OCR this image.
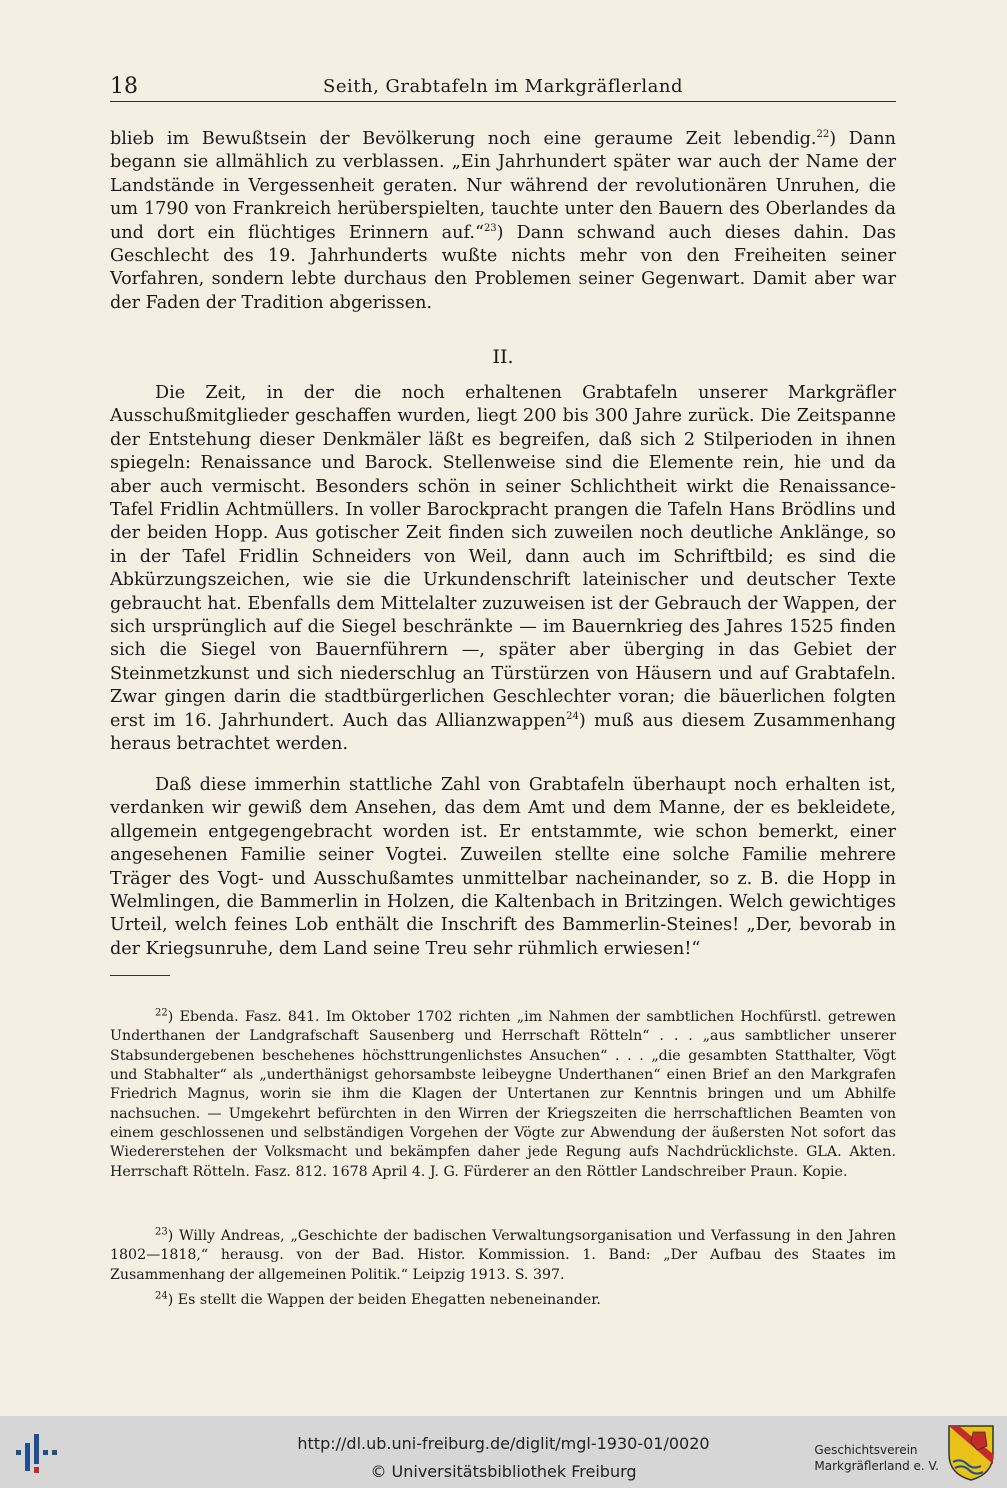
18	Seith, Grabtafeln im Markgräflerland

blieb im Bewußtsein der Bevölkerung noch eine geraume Zeit lebendig.$^{22}$) Dann begann sie allmählich zu verblassen. „Ein Jahrhundert später war auch der Name der Landstände in Vergessenheit geraten. Nur während der revolutionären Unruhen, die um 1790 von Frankreich herüberspielten, tauchte unter den Bauern des Oberlandes da und dort ein flüchtiges Erinnern auf.“$^{23}$) Dann schwand auch dieses dahin. Das Geschlecht des 19. Jahrhunderts wußte nichts mehr von den Freiheiten seiner Vorfahren, sondern lebte durchaus den Problemen seiner Gegenwart. Damit aber war der Faden der Tradition abgerissen.

II.

Die Zeit, in der die noch erhaltenen Grabtafeln unserer Markgräfler Ausschußmitglieder geschaffen wurden, liegt 200 bis 300 Jahre zurück. Die Zeitspanne der Entstehung dieser Denkmäler läßt es begreifen, daß sich 2 Stilperioden in ihnen spiegeln: Renaissance und Barock. Stellenweise sind die Elemente rein, hie und da aber auch vermischt. Besonders schön in seiner Schlichtheit wirkt die Renaissance-Tafel Fridlin Achtmüllers. In voller Barockpracht prangen die Tafeln Hans Brödlins und der beiden Hopp. Aus gotischer Zeit finden sich zuweilen noch deutliche Anklänge, so in der Tafel Fridlin Schneiders von Weil, dann auch im Schriftbild; es sind die Abkürzungszeichen, wie sie die Urkundenschrift lateinischer und deutscher Texte gebraucht hat. Ebenfalls dem Mittelalter zuzuweisen ist der Gebrauch der Wappen, der sich ursprünglich auf die Siegel beschränkte — im Bauernkrieg des Jahres 1525 finden sich die Siegel von Bauernführern —, später aber überging in das Gebiet der Steinmetzkunst und sich niederschlug an Türstürzen von Häusern und auf Grabtafeln. Zwar gingen darin die stadtbürgerlichen Geschlechter voran; die bäuerlichen folgten erst im 16. Jahrhundert. Auch das Allianzwappen$^{24}$) muß aus diesem Zusammenhang heraus betrachtet werden.

Daß diese immerhin stattliche Zahl von Grabtafeln überhaupt noch erhalten ist, verdanken wir gewiß dem Ansehen, das dem Amt und dem Manne, der es bekleidete, allgemein entgegengebracht worden ist. Er entstammte, wie schon bemerkt, einer angesehenen Familie seiner Vogtei. Zuweilen stellte eine solche Familie mehrere Träger des Vogt- und Ausschußamtes unmittelbar nacheinander, so z. B. die Hopp in Welmlingen, die Bammerlin in Holzen, die Kaltenbach in Britzingen. Welch gewichtiges Urteil, welch feines Lob enthält die Inschrift des Bammerlin-Steines! „Der, bevorab in der Kriegsunruhe, dem Land seine Treu sehr rühmlich erwiesen!“

$^{22}$) Ebenda. Fasz. 841. Im Oktober 1702 richten „im Nahmen der sambtlichen Hochfürstl. getrewen Underthanen der Landgrafschaft Sausenberg und Herrschaft Rötteln“ . . . „aus sambtlicher unserer Stabsundergebenen beschehenes höchsttrungenlichstes Ansuchen“ . . . „die gesambten Statthalter, Vögt und Stabhalter“ als „underthänigst gehorsambste leibeygne Underthanen“ einen Brief an den Markgrafen Friedrich Magnus, worin sie ihm die Klagen der Untertanen zur Kenntnis bringen und um Abhilfe nachsuchen. — Umgekehrt befürchten in den Wirren der Kriegszeiten die herrschaftlichen Beamten von einem geschlossenen und selbständigen Vorgehen der Vögte zur Abwendung der äußersten Not sofort das Wiedererstehen der Volksmacht und bekämpfen daher jede Regung aufs Nachdrücklichste. GLA. Akten. Herrschaft Rötteln. Fasz. 812. 1678 April 4. J. G. Fürderer an den Röttler Landschreiber Praun. Kopie.

$^{23}$) Willy Andreas, „Geschichte der badischen Verwaltungsorganisation und Verfassung in den Jahren 1802—1818,“ herausg. von der Bad. Histor. Kommission. 1. Band: „Der Aufbau des Staates im Zusammenhang der allgemeinen Politik.“ Leipzig 1913. S. 397.

$^{24}$) Es stellt die Wappen der beiden Ehegatten nebeneinander.

http://dl.ub.uni-freiburg.de/diglit/mgl-1930-01/0020
© Universitätsbibliothek Freiburg
Geschichtsverein
Markgräflerland e. V.
